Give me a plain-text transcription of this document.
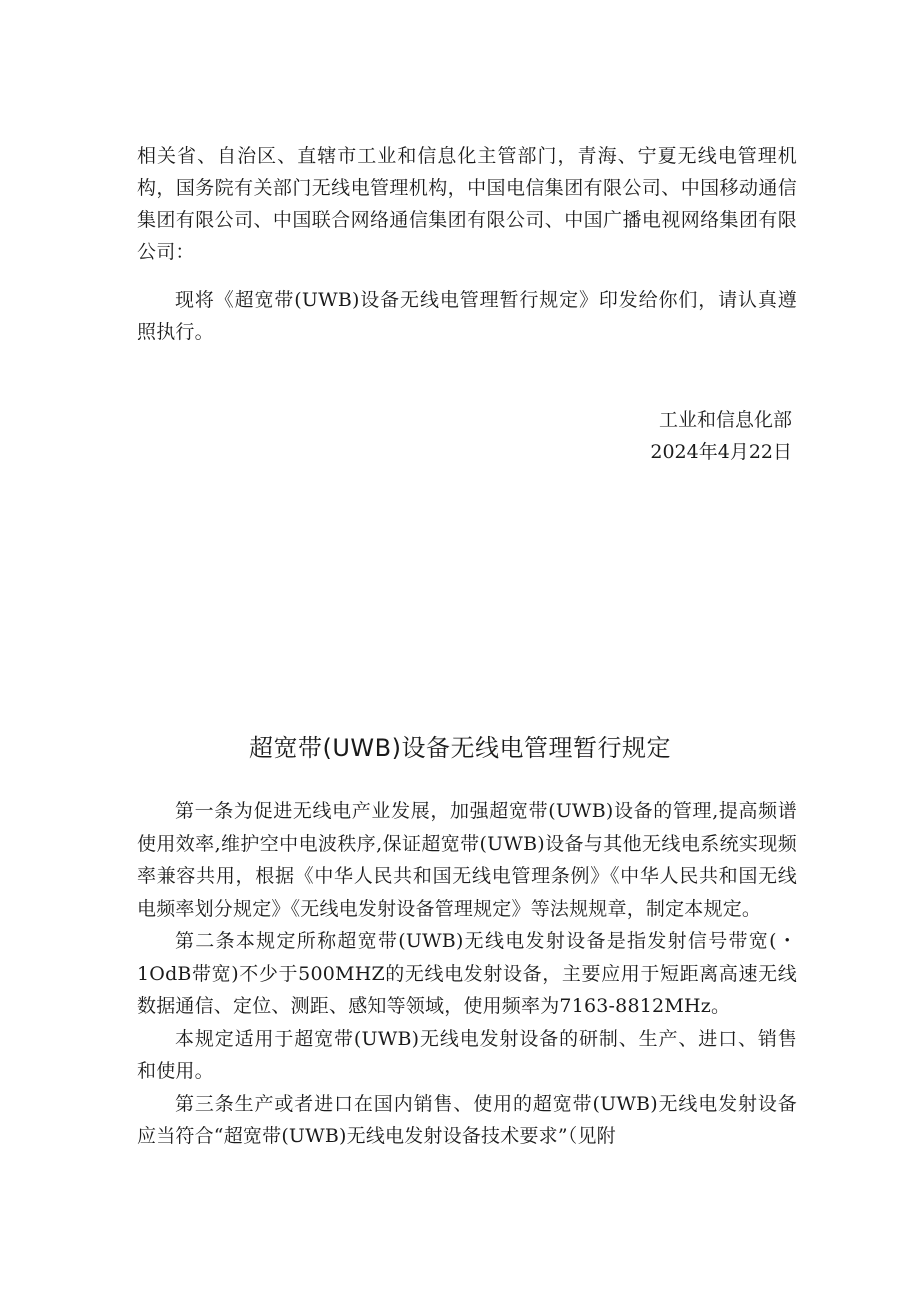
相关省、自治区、直辖市工业和信息化主管部门，青海、宁夏无线电管理机构，国务院有关部门无线电管理机构，中国电信集团有限公司、中国移动通信集团有限公司、中国联合网络通信集团有限公司、中国广播电视网络集团有限公司：

现将《超宽带(UWB)设备无线电管理暂行规定》印发给你们，请认真遵照执行。

工业和信息化部
2024年4月22日
超宽带(UWB)设备无线电管理暂行规定

第一条为促进无线电产业发展，加强超宽带(UWB)设备的管理,提高频谱使用效率,维护空中电波秩序,保证超宽带(UWB)设备与其他无线电系统实现频率兼容共用，根据《中华人民共和国无线电管理条例》《中华人民共和国无线电频率划分规定》《无线电发射设备管理规定》等法规规章，制定本规定。

第二条本规定所称超宽带(UWB)无线电发射设备是指发射信号带宽(・1OdB带宽)不少于500MHZ的无线电发射设备，主要应用于短距离高速无线数据通信、定位、测距、感知等领域，使用频率为7163-8812MHz。

本规定适用于超宽带(UWB)无线电发射设备的研制、生产、进口、销售和使用。

第三条生产或者进口在国内销售、使用的超宽带(UWB)无线电发射设备应当符合“超宽带(UWB)无线电发射设备技术要求”（见附
